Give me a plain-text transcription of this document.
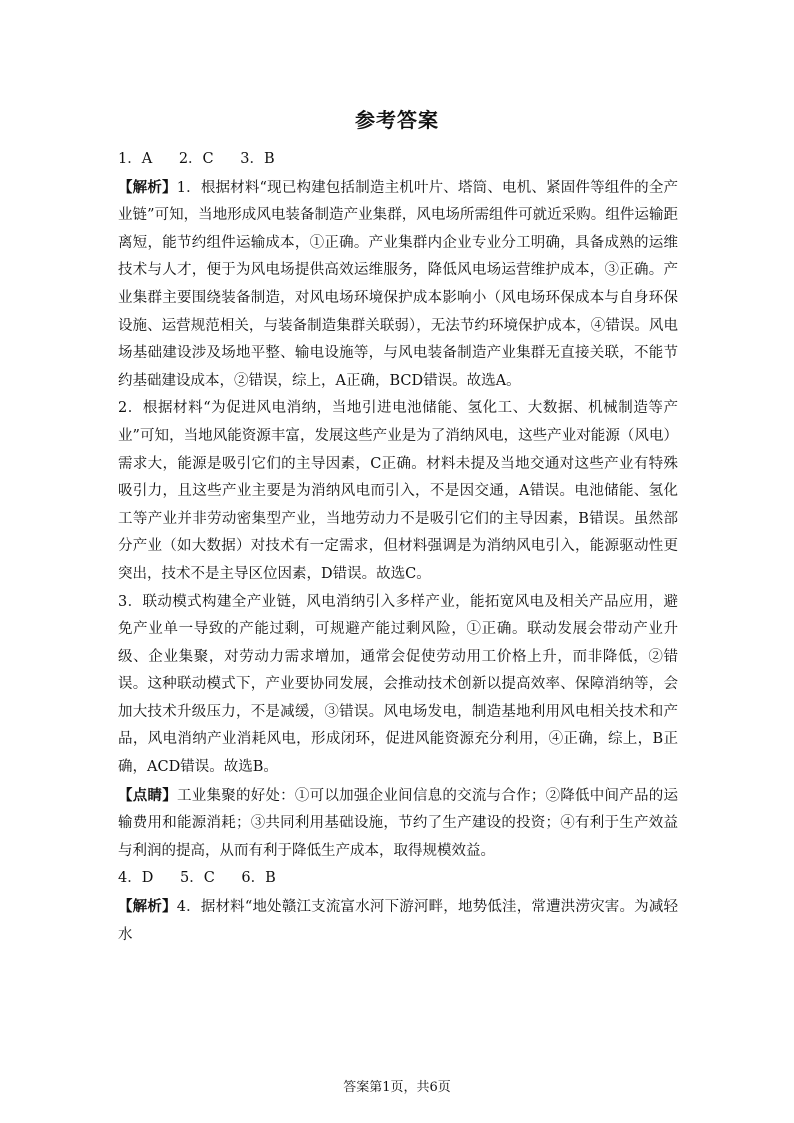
参考答案

1．A 2．C 3．B

【解析】1．根据材料“现已构建包括制造主机叶片、塔筒、电机、紧固件等组件的全产业链”可知，当地形成风电装备制造产业集群，风电场所需组件可就近采购。组件运输距离短，能节约组件运输成本，①正确。产业集群内企业专业分工明确，具备成熟的运维技术与人才，便于为风电场提供高效运维服务，降低风电场运营维护成本，③正确。产业集群主要围绕装备制造，对风电场环境保护成本影响小（风电场环保成本与自身环保设施、运营规范相关，与装备制造集群关联弱），无法节约环境保护成本，④错误。风电场基础建设涉及场地平整、输电设施等，与风电装备制造产业集群无直接关联，不能节约基础建设成本，②错误，综上，A正确，BCD错误。故选A。

2．根据材料“为促进风电消纳，当地引进电池储能、氢化工、大数据、机械制造等产业”可知，当地风能资源丰富，发展这些产业是为了消纳风电，这些产业对能源（风电）需求大，能源是吸引它们的主导因素，C正确。材料未提及当地交通对这些产业有特殊吸引力，且这些产业主要是为消纳风电而引入，不是因交通，A错误。电池储能、氢化工等产业并非劳动密集型产业，当地劳动力不是吸引它们的主导因素，B错误。虽然部分产业（如大数据）对技术有一定需求，但材料强调是为消纳风电引入，能源驱动性更突出，技术不是主导区位因素，D错误。故选C。

3．联动模式构建全产业链，风电消纳引入多样产业，能拓宽风电及相关产品应用，避免产业单一导致的产能过剩，可规避产能过剩风险，①正确。联动发展会带动产业升级、企业集聚，对劳动力需求增加，通常会促使劳动用工价格上升，而非降低，②错误。这种联动模式下，产业要协同发展，会推动技术创新以提高效率、保障消纳等，会加大技术升级压力，不是减缓，③错误。风电场发电，制造基地利用风电相关技术和产品，风电消纳产业消耗风电，形成闭环，促进风能资源充分利用，④正确，综上，B正确，ACD错误。故选B。

【点睛】工业集聚的好处：①可以加强企业间信息的交流与合作；②降低中间产品的运输费用和能源消耗；③共同利用基础设施，节约了生产建设的投资；④有利于生产效益与利润的提高，从而有利于降低生产成本，取得规模效益。

4．D 5．C 6．B

【解析】4．据材料“地处赣江支流富水河下游河畔，地势低洼，常遭洪涝灾害。为减轻水

答案第1页，共6页
